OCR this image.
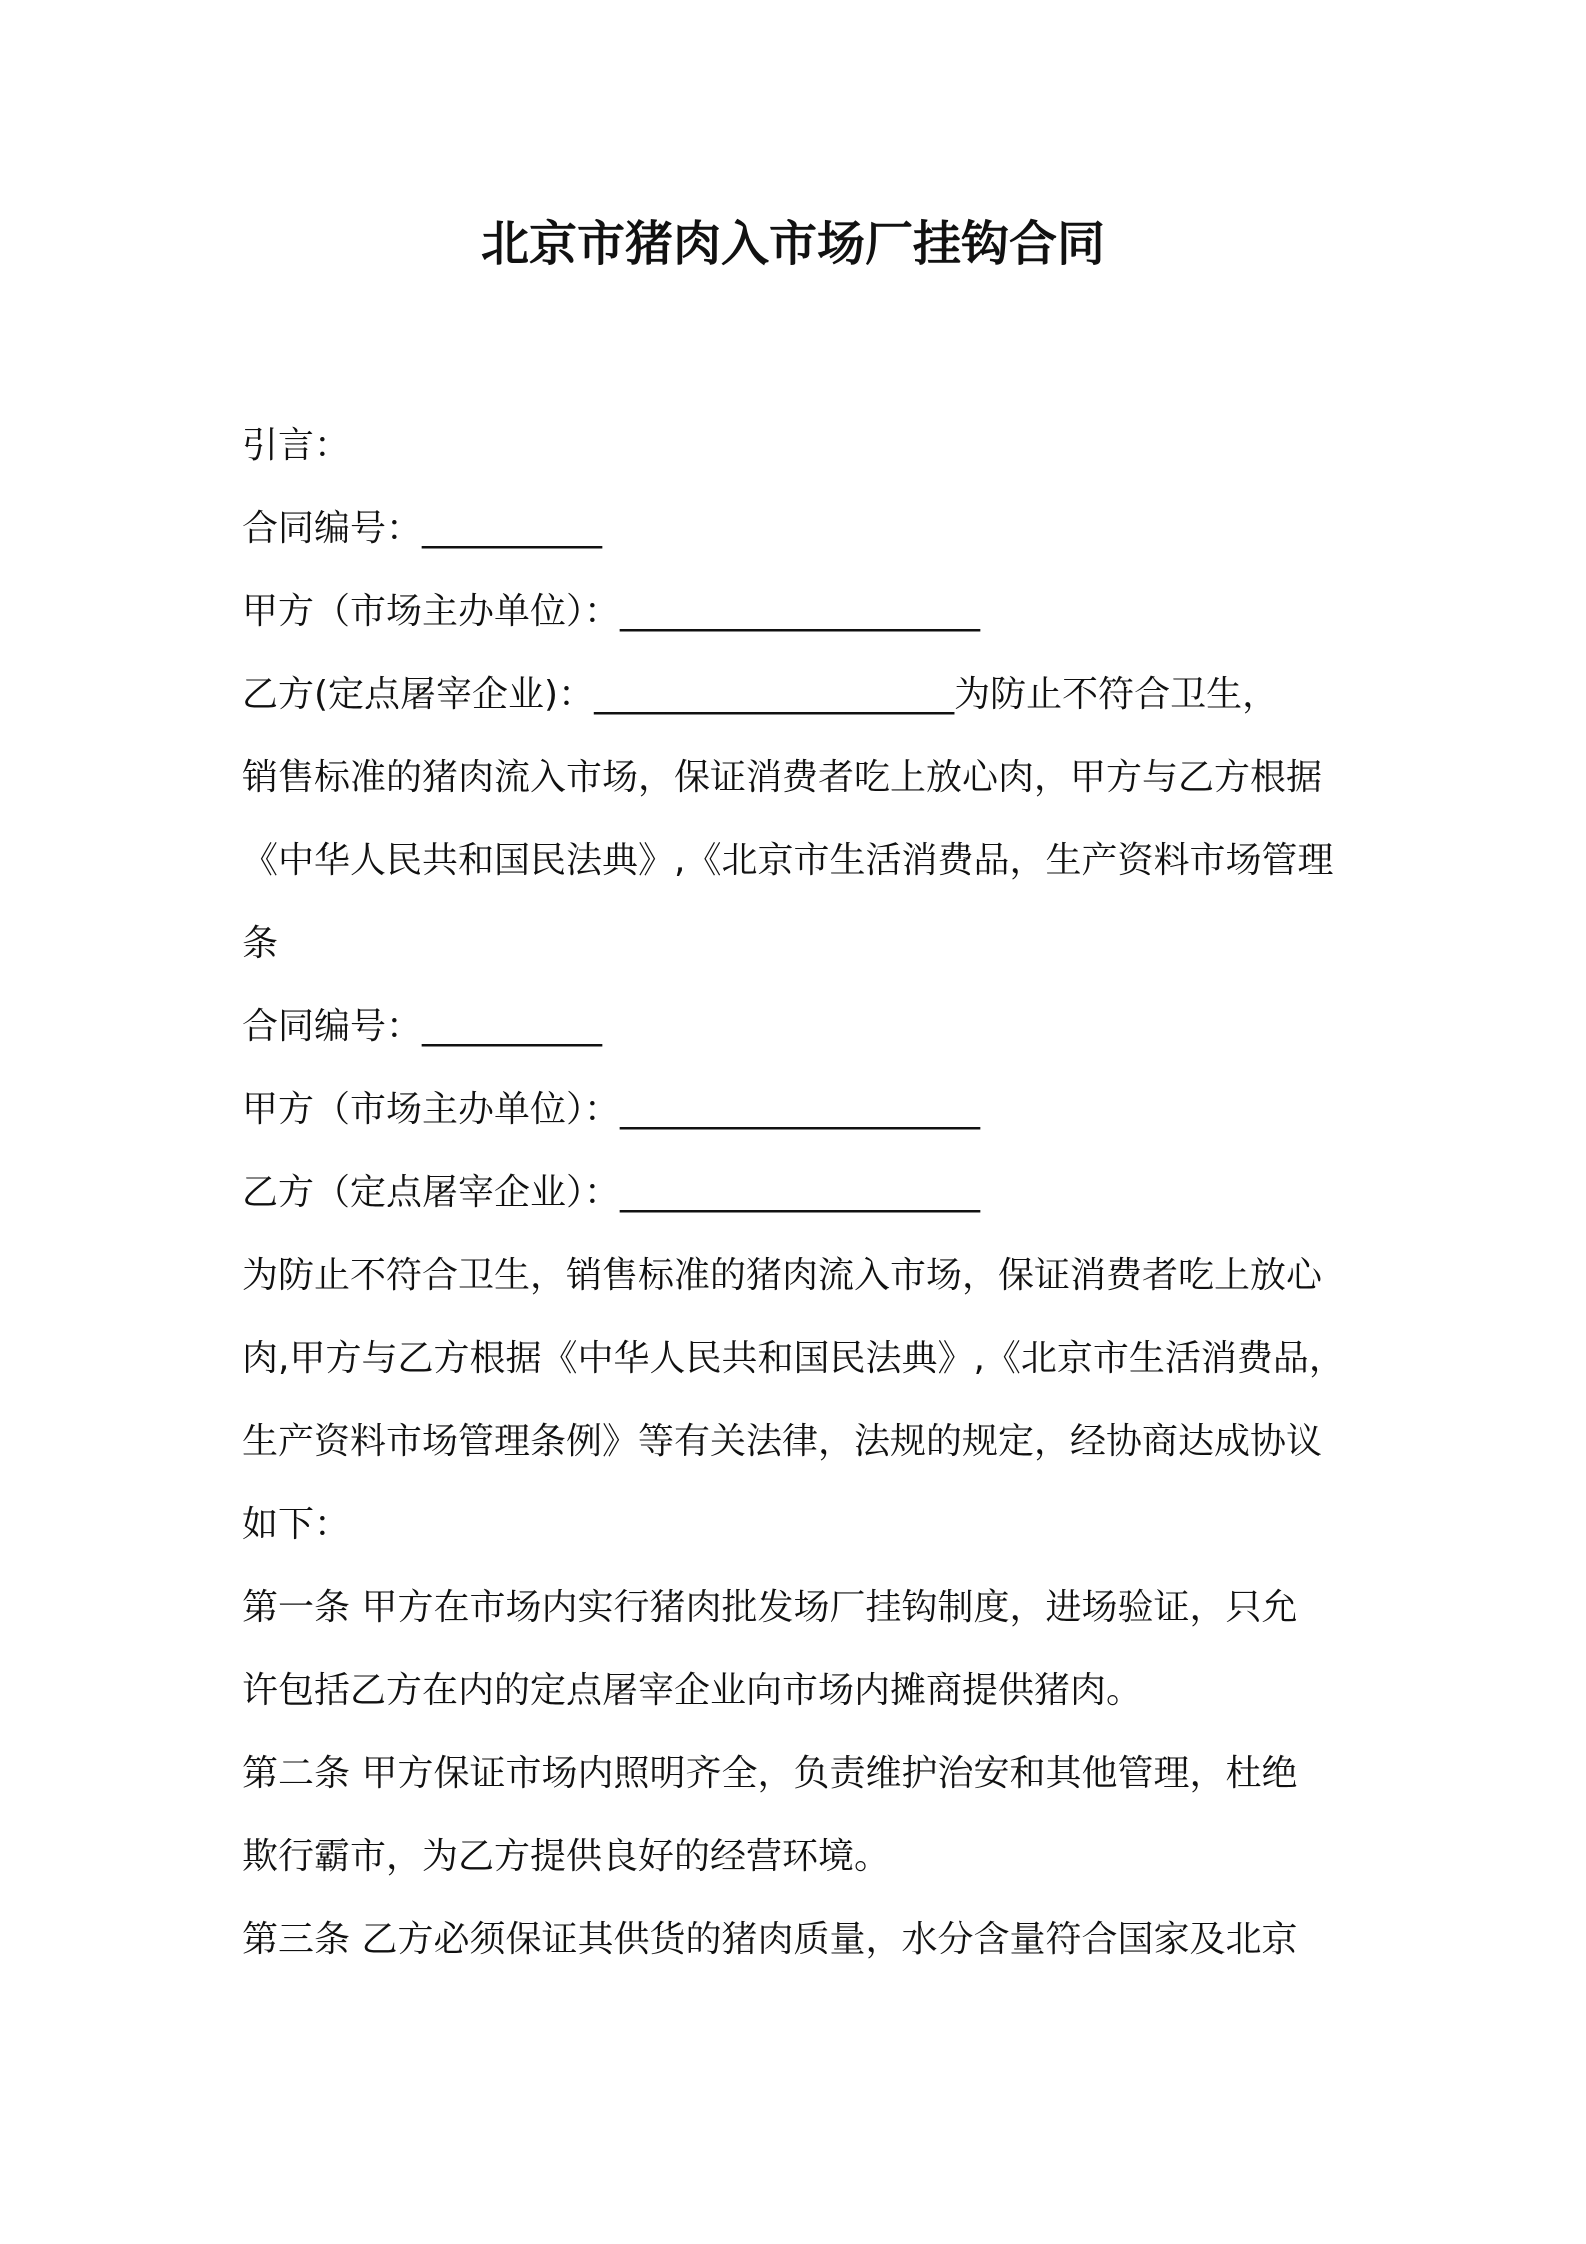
北京市猪肉入市场厂挂钩合同
引言：
合同编号：__________
甲方（市场主办单位）：____________________
乙方(定点屠宰企业)：____________________为防止不符合卫生，
销售标准的猪肉流入市场，保证消费者吃上放心肉，甲方与乙方根据
《中华人民共和国民法典》,《北京市生活消费品，生产资料市场管理
条
合同编号：__________
甲方（市场主办单位）：____________________
乙方（定点屠宰企业）：____________________
为防止不符合卫生，销售标准的猪肉流入市场，保证消费者吃上放心
肉,甲方与乙方根据《中华人民共和国民法典》,《北京市生活消费品，
生产资料市场管理条例》等有关法律，法规的规定，经协商达成协议
如下：
第一条 甲方在市场内实行猪肉批发场厂挂钩制度，进场验证，只允
许包括乙方在内的定点屠宰企业向市场内摊商提供猪肉。
第二条 甲方保证市场内照明齐全，负责维护治安和其他管理，杜绝
欺行霸市，为乙方提供良好的经营环境。
第三条 乙方必须保证其供货的猪肉质量，水分含量符合国家及北京
